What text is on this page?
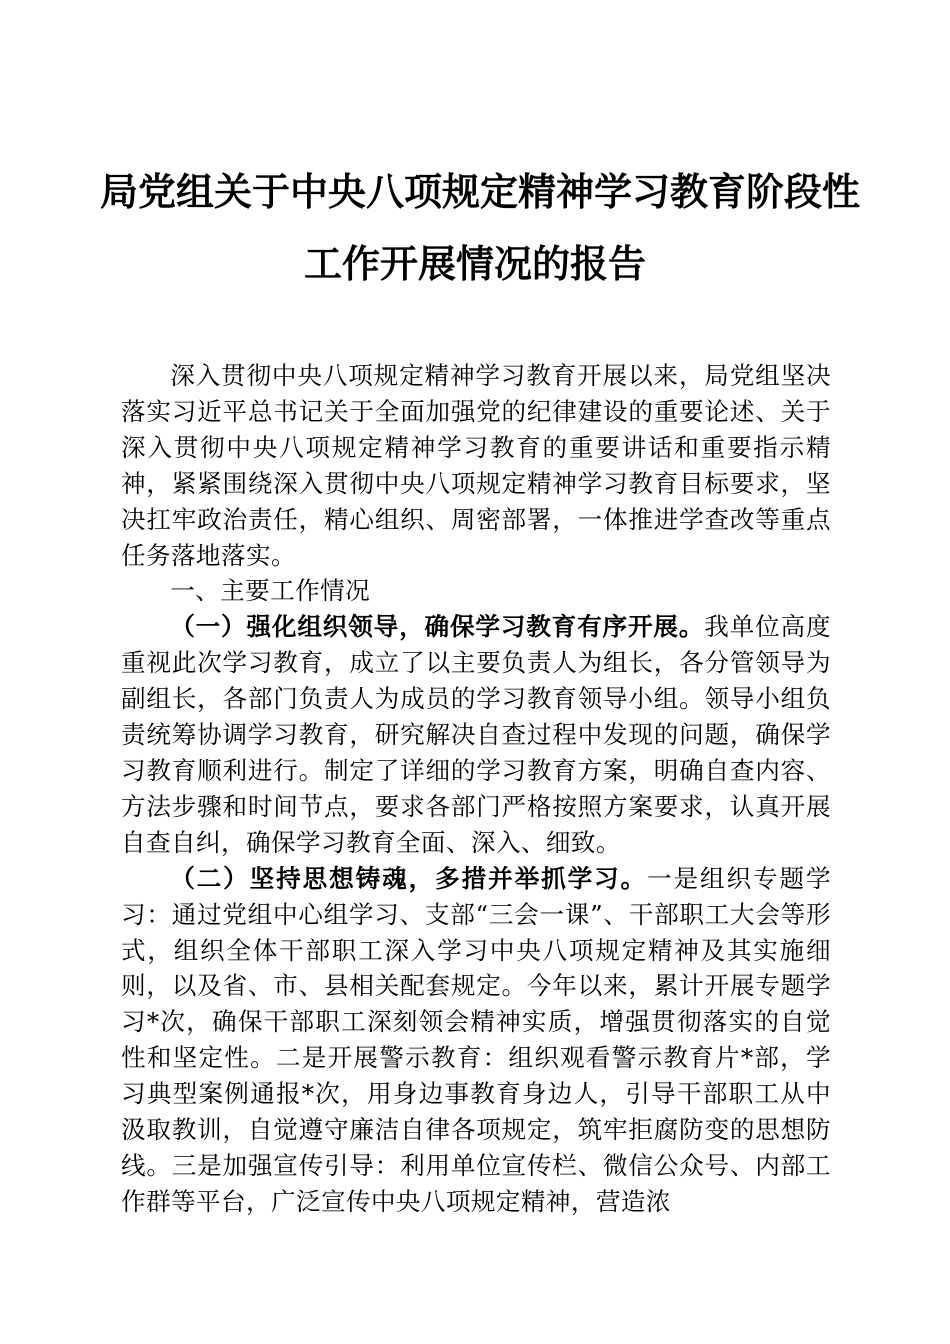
局党组关于中央八项规定精神学习教育阶段性
工作开展情况的报告

深入贯彻中央八项规定精神学习教育开展以来，局党组坚决落实习近平总书记关于全面加强党的纪律建设的重要论述、关于深入贯彻中央八项规定精神学习教育的重要讲话和重要指示精神，紧紧围绕深入贯彻中央八项规定精神学习教育目标要求，坚决扛牢政治责任，精心组织、周密部署，一体推进学查改等重点任务落地落实。

一、主要工作情况

（一）强化组织领导，确保学习教育有序开展。我单位高度重视此次学习教育，成立了以主要负责人为组长，各分管领导为副组长，各部门负责人为成员的学习教育领导小组。领导小组负责统筹协调学习教育，研究解决自查过程中发现的问题，确保学习教育顺利进行。制定了详细的学习教育方案，明确自查内容、方法步骤和时间节点，要求各部门严格按照方案要求，认真开展自查自纠，确保学习教育全面、深入、细致。

（二）坚持思想铸魂，多措并举抓学习。一是组织专题学习：通过党组中心组学习、支部“三会一课”、干部职工大会等形式，组织全体干部职工深入学习中央八项规定精神及其实施细则，以及省、市、县相关配套规定。今年以来，累计开展专题学习*次，确保干部职工深刻领会精神实质，增强贯彻落实的自觉性和坚定性。二是开展警示教育：组织观看警示教育片*部，学习典型案例通报*次，用身边事教育身边人，引导干部职工从中汲取教训，自觉遵守廉洁自律各项规定，筑牢拒腐防变的思想防线。三是加强宣传引导：利用单位宣传栏、微信公众号、内部工作群等平台，广泛宣传中央八项规定精神，营造浓
